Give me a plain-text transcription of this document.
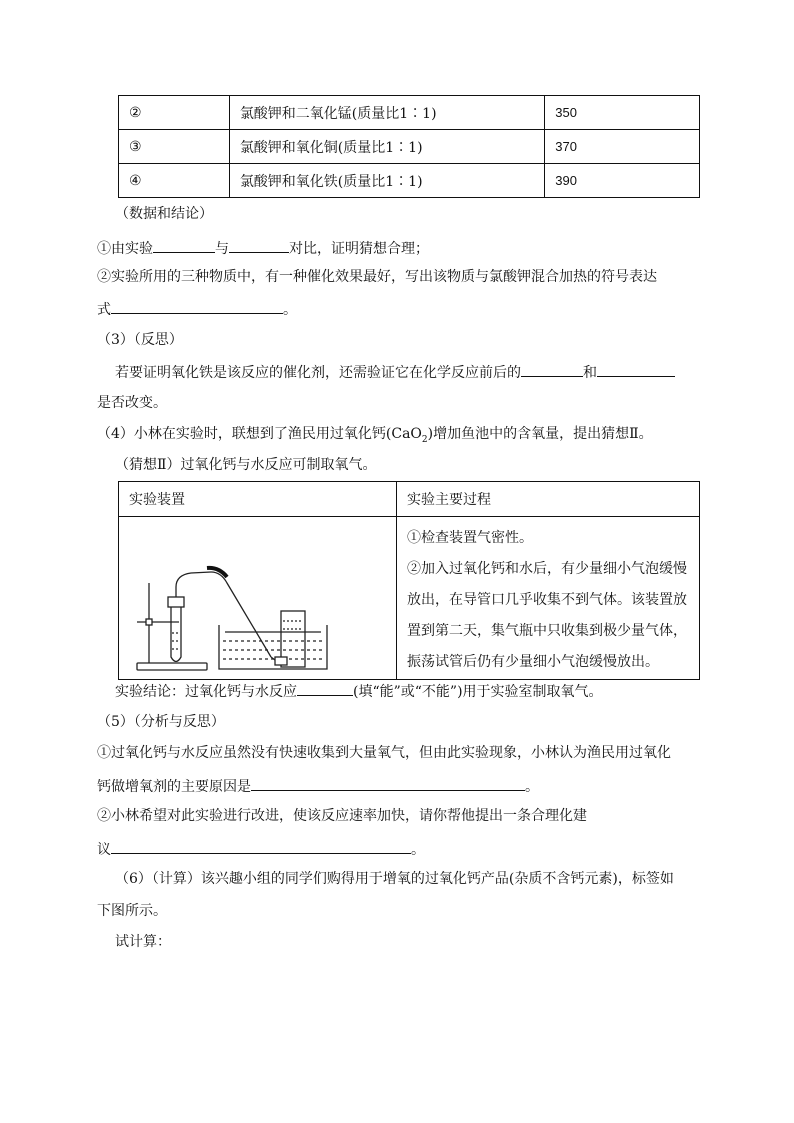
②	氯酸钾和二氧化锰(质量比1∶1)	350
③	氯酸钾和氧化铜(质量比1∶1)	370
④	氯酸钾和氧化铁(质量比1∶1)	390
（数据和结论）
①由实验	与	对比，证明猜想合理；
②实验所用的三种物质中，有一种催化效果最好，写出该物质与氯酸钾混合加热的符号表达
式	。
（3）（反思）
若要证明氧化铁是该反应的催化剂，还需验证它在化学反应前后的	和
是否改变。
（4）小林在实验时，联想到了渔民用过氧化钙(CaO$_2$)增加鱼池中的含氧量，提出猜想Ⅱ。
（猜想Ⅱ）过氧化钙与水反应可制取氧气。
实验装置	实验主要过程

①检查装置气密性。
②加入过氧化钙和水后，有少量细小气泡缓慢放出，在导管口几乎收集不到气体。该装置放置到第二天，集气瓶中只收集到极少量气体，振荡试管后仍有少量细小气泡缓慢放出。
实验结论：过氧化钙与水反应	(填“能”或“不能”)用于实验室制取氧气。
（5）（分析与反思）
①过氧化钙与水反应虽然没有快速收集到大量氧气，但由此实验现象，小林认为渔民用过氧化
钙做增氧剂的主要原因是	。
②小林希望对此实验进行改进，使该反应速率加快，请你帮他提出一条合理化建
议	。
（6）（计算）该兴趣小组的同学们购得用于增氧的过氧化钙产品(杂质不含钙元素)，标签如
下图所示。
试计算：
